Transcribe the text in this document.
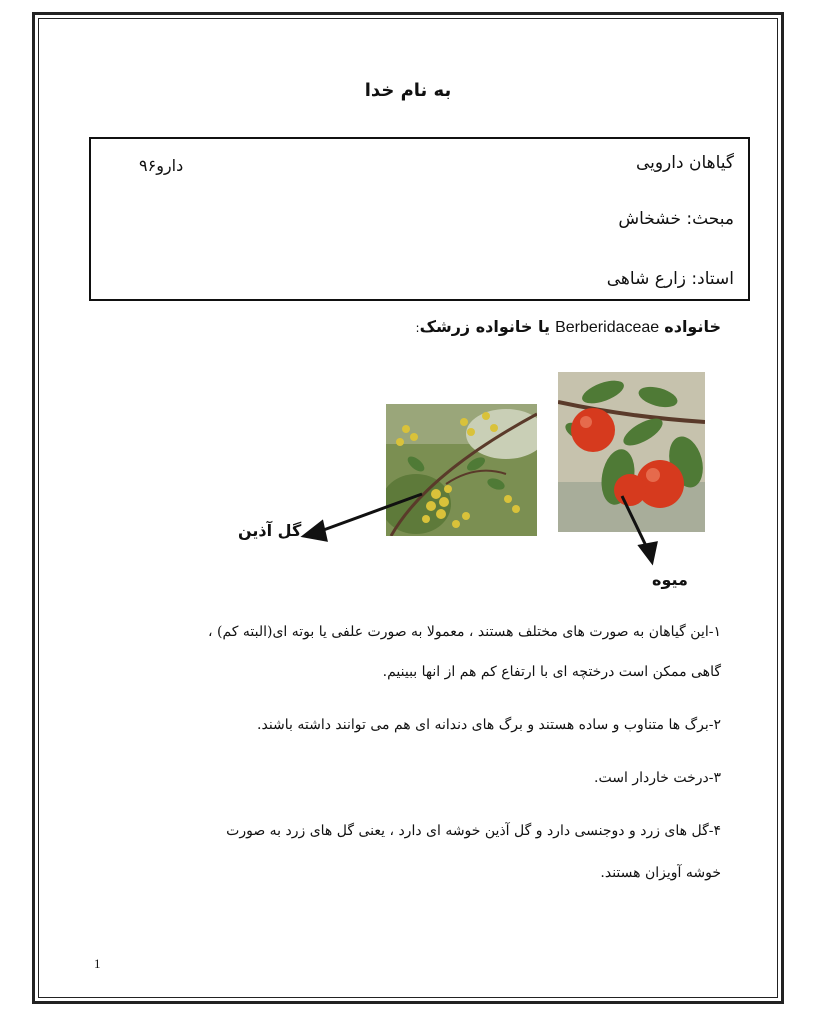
به نام خدا
گیاهان دارویی
دارو۹۶
مبحث: خشخاش
استاد: زارع شاهی
خانواده Berberidaceae یا خانواده زرشک:
گل آذین
میوه
۱-این گیاهان به صورت های مختلف هستند ، معمولا به صورت علفی یا بوته ای(البته کم) ،
گاهی ممکن است درختچه ای با ارتفاع کم هم از انها ببینیم.
۲-برگ ها متناوب و ساده هستند و برگ های دندانه ای هم می توانند داشته باشند.
۳-درخت خاردار است.
۴-گل های زرد و دوجنسی دارد و گل آذین خوشه ای دارد ، یعنی گل های زرد به صورت
خوشه آویزان هستند.
1
